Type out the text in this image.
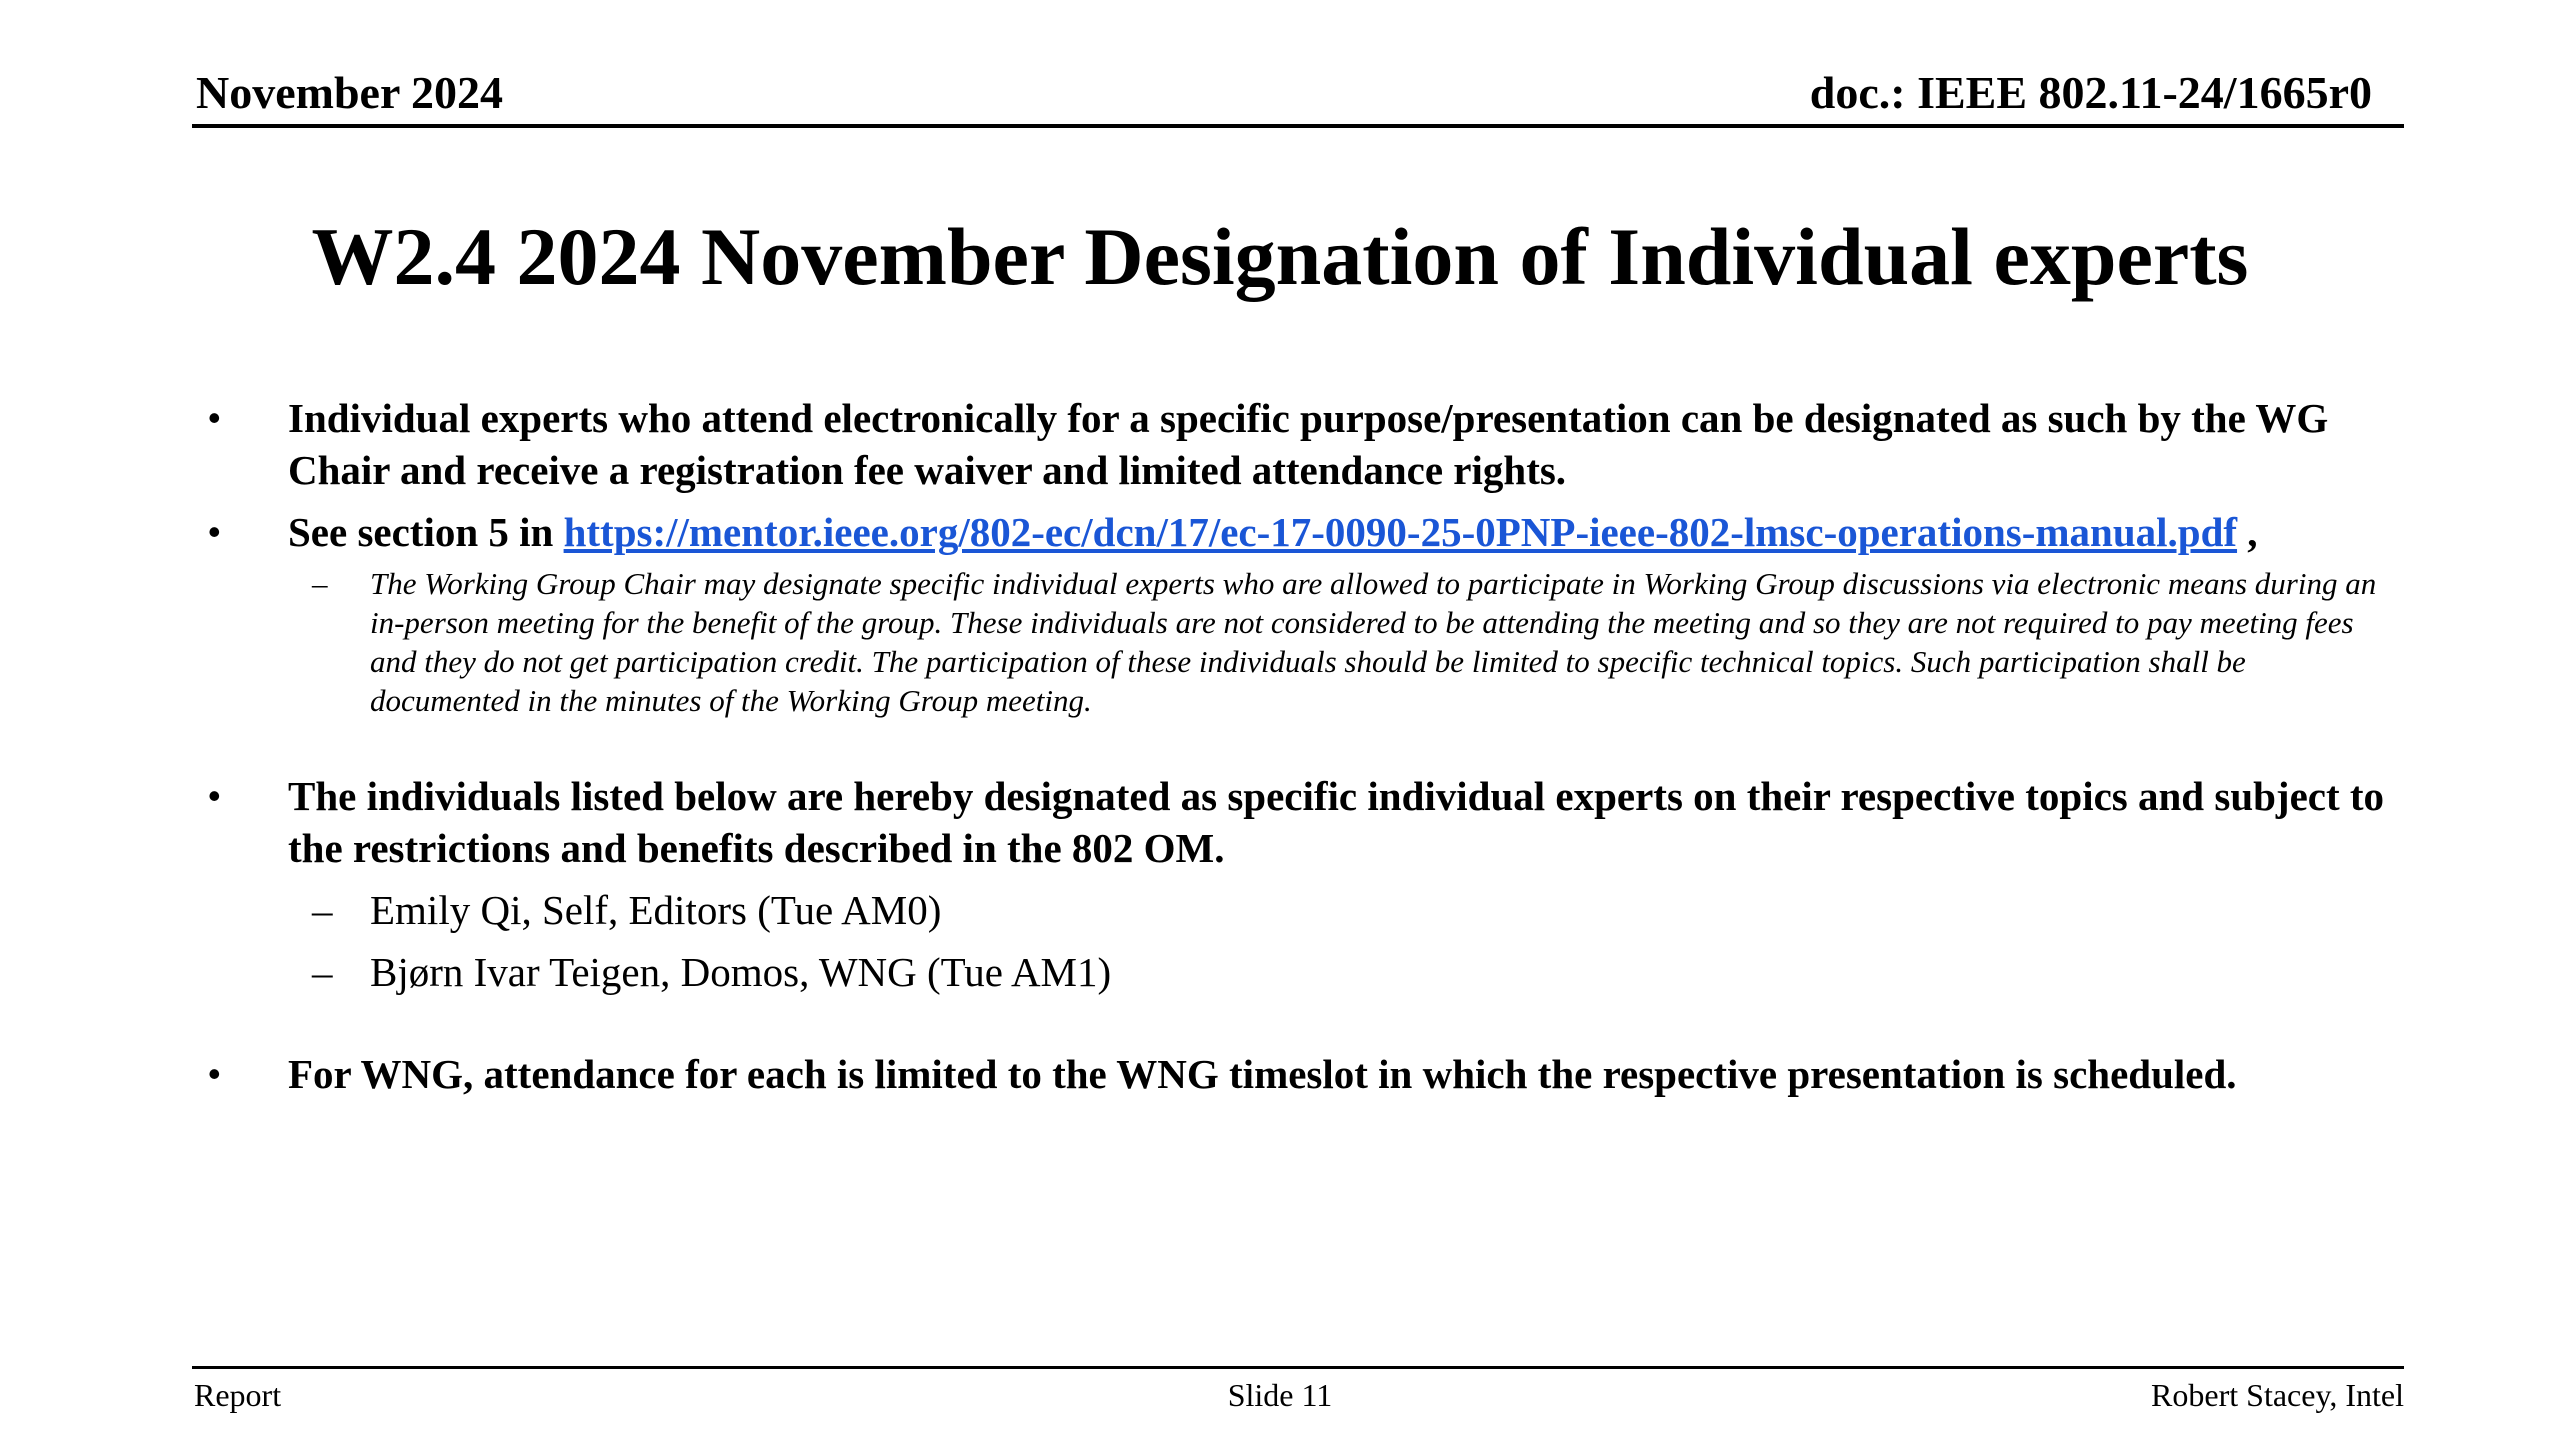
November 2024	doc.: IEEE 802.11-24/1665r0
W2.4 2024 November Designation of Individual experts
• Individual experts who attend electronically for a specific purpose/presentation can be designated as such by the WG Chair and receive a registration fee waiver and limited attendance rights.
• See section 5 in https://mentor.ieee.org/802-ec/dcn/17/ec-17-0090-25-0PNP-ieee-802-lmsc-operations-manual.pdf ,
– The Working Group Chair may designate specific individual experts who are allowed to participate in Working Group discussions via electronic means during an in-person meeting for the benefit of the group. These individuals are not considered to be attending the meeting and so they are not required to pay meeting fees and they do not get participation credit. The participation of these individuals should be limited to specific technical topics. Such participation shall be documented in the minutes of the Working Group meeting.
• The individuals listed below are hereby designated as specific individual experts on their respective topics and subject to the restrictions and benefits described in the 802 OM.
– Emily Qi, Self, Editors (Tue AM0)
– Bjørn Ivar Teigen, Domos, WNG (Tue AM1)
• For WNG, attendance for each is limited to the WNG timeslot in which the respective presentation is scheduled.
Report	Slide 11	Robert Stacey, Intel
